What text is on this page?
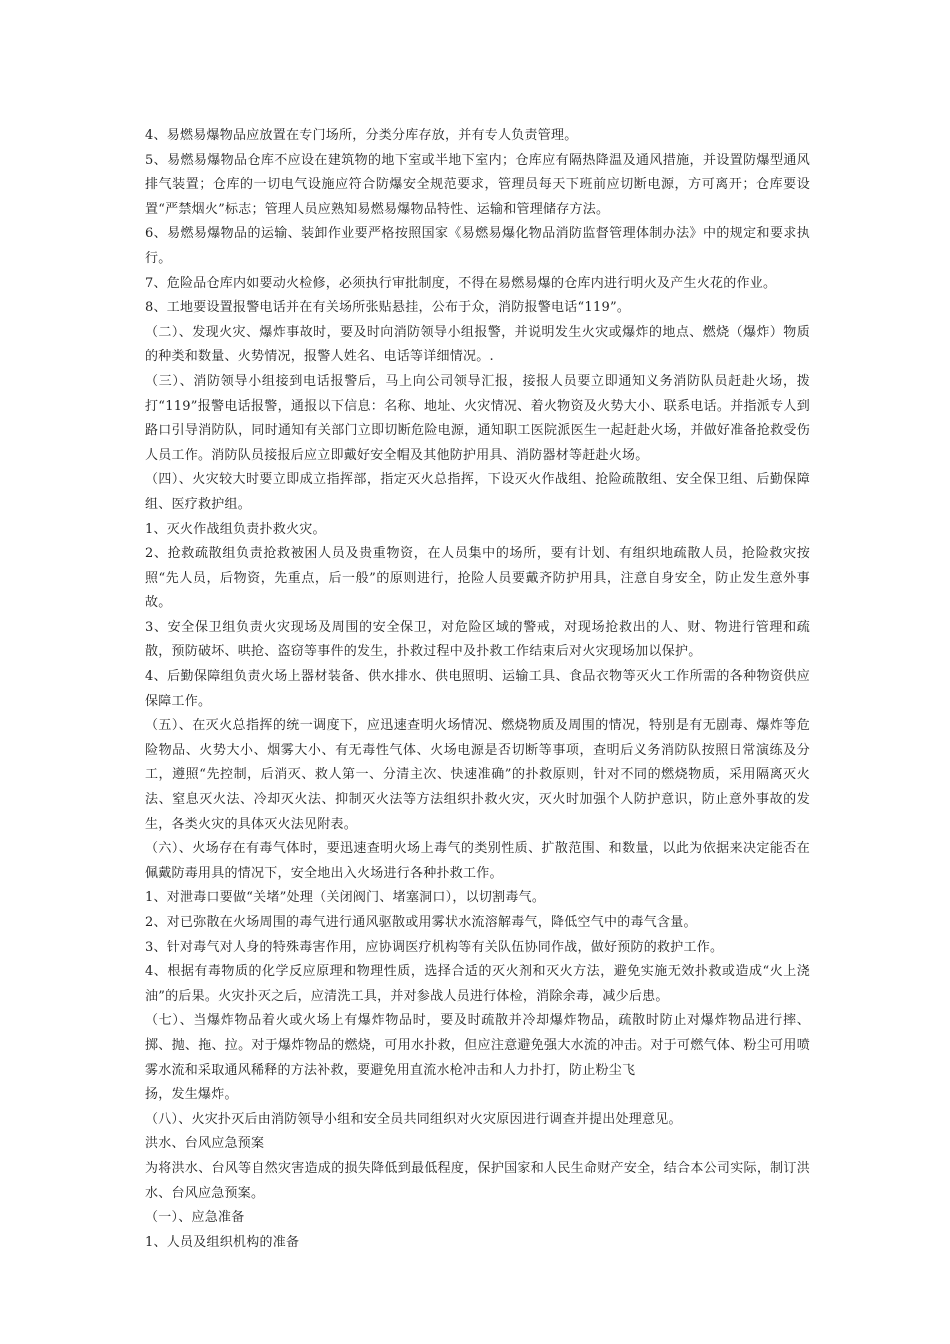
4、易燃易爆物品应放置在专门场所，分类分库存放，并有专人负责管理。

5、易燃易爆物品仓库不应设在建筑物的地下室或半地下室内；仓库应有隔热降温及通风措施，并设置防爆型通风排气装置；仓库的一切电气设施应符合防爆安全规范要求，管理员每天下班前应切断电源，方可离开；仓库要设置“严禁烟火”标志；管理人员应熟知易燃易爆物品特性、运输和管理储存方法。

6、易燃易爆物品的运输、装卸作业要严格按照国家《易燃易爆化物品消防监督管理体制办法》中的规定和要求执行。

7、危险品仓库内如要动火检修，必须执行审批制度，不得在易燃易爆的仓库内进行明火及产生火花的作业。

8、工地要设置报警电话并在有关场所张贴悬挂，公布于众，消防报警电话“119”。

（二）、发现火灾、爆炸事故时，要及时向消防领导小组报警，并说明发生火灾或爆炸的地点、燃烧（爆炸）物质的种类和数量、火势情况，报警人姓名、电话等详细情况。.

（三）、消防领导小组接到电话报警后，马上向公司领导汇报，接报人员要立即通知义务消防队员赶赴火场，拨打“119”报警电话报警，通报以下信息：名称、地址、火灾情况、着火物资及火势大小、联系电话。并指派专人到路口引导消防队，同时通知有关部门立即切断危险电源，通知职工医院派医生一起赶赴火场，并做好准备抢救受伤人员工作。消防队员接报后应立即戴好安全帽及其他防护用具、消防器材等赶赴火场。

（四）、火灾较大时要立即成立指挥部，指定灭火总指挥，下设灭火作战组、抢险疏散组、安全保卫组、后勤保障组、医疗救护组。

1、灭火作战组负责扑救火灾。

2、抢救疏散组负责抢救被困人员及贵重物资，在人员集中的场所，要有计划、有组织地疏散人员，抢险救灾按照“先人员，后物资，先重点，后一般”的原则进行，抢险人员要戴齐防护用具，注意自身安全，防止发生意外事故。

3、安全保卫组负责火灾现场及周围的安全保卫，对危险区域的警戒，对现场抢救出的人、财、物进行管理和疏散，预防破坏、哄抢、盗窃等事件的发生，扑救过程中及扑救工作结束后对火灾现场加以保护。

4、后勤保障组负责火场上器材装备、供水排水、供电照明、运输工具、食品衣物等灭火工作所需的各种物资供应保障工作。

（五）、在灭火总指挥的统一调度下，应迅速查明火场情况、燃烧物质及周围的情况，特别是有无剧毒、爆炸等危险物品、火势大小、烟雾大小、有无毒性气体、火场电源是否切断等事项，查明后义务消防队按照日常演练及分工，遵照“先控制，后消灭、救人第一、分清主次、快速准确”的扑救原则，针对不同的燃烧物质，采用隔离灭火法、窒息灭火法、冷却灭火法、抑制灭火法等方法组织扑救火灾，灭火时加强个人防护意识，防止意外事故的发生，各类火灾的具体灭火法见附表。

（六）、火场存在有毒气体时，要迅速查明火场上毒气的类别性质、扩散范围、和数量，以此为依据来决定能否在佩戴防毒用具的情况下，安全地出入火场进行各种扑救工作。

1、对泄毒口要做“关堵”处理（关闭阀门、堵塞洞口），以切割毒气。

2、对已弥散在火场周围的毒气进行通风驱散或用雾状水流溶解毒气，降低空气中的毒气含量。

3、针对毒气对人身的特殊毒害作用，应协调医疗机构等有关队伍协同作战，做好预防的救护工作。

4、根据有毒物质的化学反应原理和物理性质，选择合适的灭火剂和灭火方法，避免实施无效扑救或造成“火上浇油”的后果。火灾扑灭之后，应清洗工具，并对参战人员进行体检，消除余毒，减少后患。

（七）、当爆炸物品着火或火场上有爆炸物品时，要及时疏散并冷却爆炸物品，疏散时防止对爆炸物品进行摔、掷、抛、拖、拉。对于爆炸物品的燃烧，可用水扑救，但应注意避免强大水流的冲击。对于可燃气体、粉尘可用喷雾水流和采取通风稀释的方法补救，要避免用直流水枪冲击和人力扑打，防止粉尘飞

扬，发生爆炸。

（八）、火灾扑灭后由消防领导小组和安全员共同组织对火灾原因进行调查并提出处理意见。

洪水、台风应急预案

为将洪水、台风等自然灾害造成的损失降低到最低程度，保护国家和人民生命财产安全，结合本公司实际，制订洪水、台风应急预案。

（一）、应急准备

1、人员及组织机构的准备
